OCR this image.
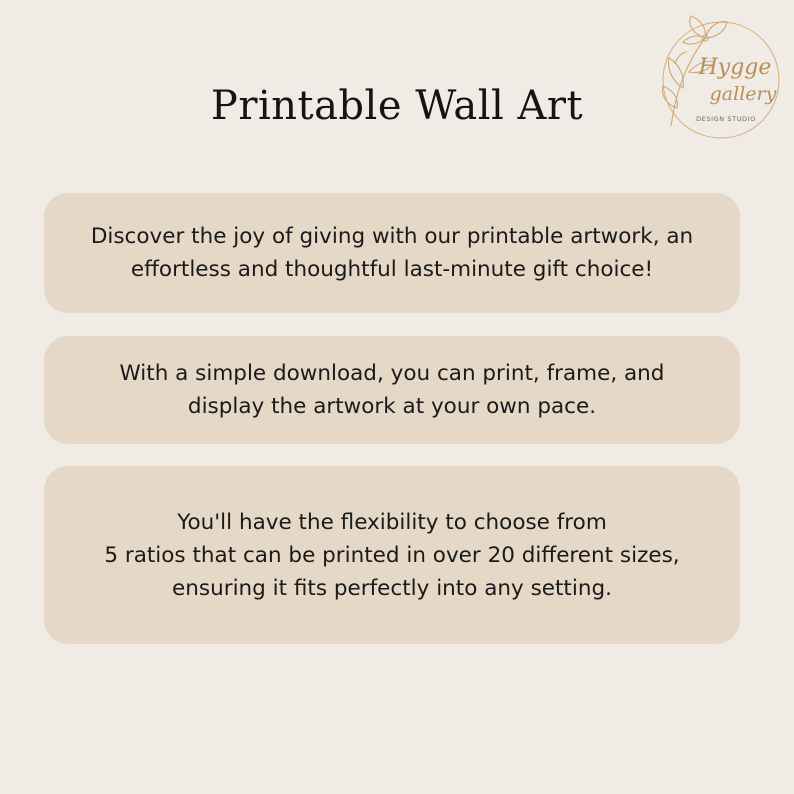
Hygge
gallery
DESIGN STUDIO
Printable Wall Art

Discover the joy of giving with our printable artwork, an
effortless and thoughtful last-minute gift choice!

With a simple download, you can print, frame, and
display the artwork at your own pace.

You'll have the flexibility to choose from
5 ratios that can be printed in over 20 different sizes,
ensuring it fits perfectly into any setting.
